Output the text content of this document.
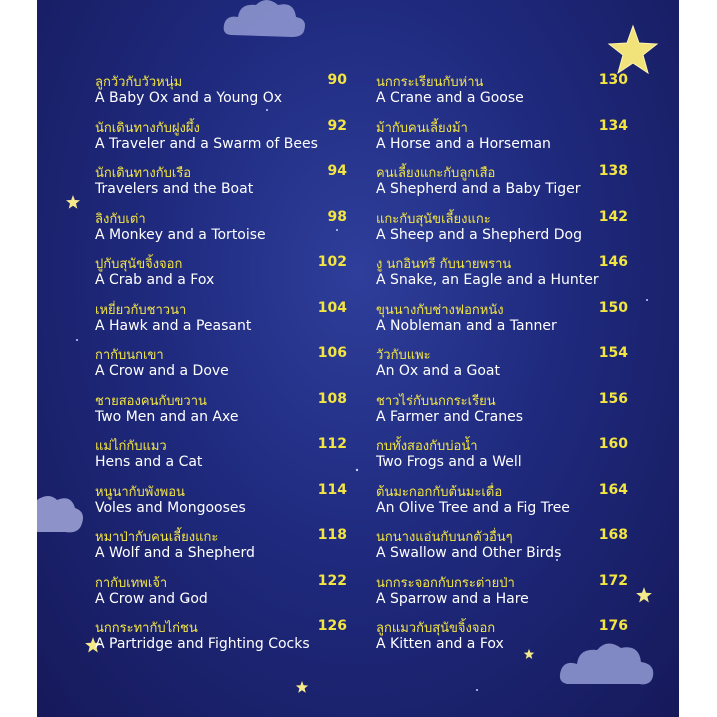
ลูกวัวกับวัวหนุ่ม	90
A Baby Ox and a Young Ox
นักเดินทางกับฝูงผึ้ง	92
A Traveler and a Swarm of Bees
นักเดินทางกับเรือ	94
Travelers and the Boat
ลิงกับเต่า	98
A Monkey and a Tortoise
ปูกับสุนัขจิ้งจอก	102
A Crab and a Fox
เหยี่ยวกับชาวนา	104
A Hawk and a Peasant
กากับนกเขา	106
A Crow and a Dove
ชายสองคนกับขวาน	108
Two Men and an Axe
แม่ไก่กับแมว	112
Hens and a Cat
หนูนากับพังพอน	114
Voles and Mongooses
หมาป่ากับคนเลี้ยงแกะ	118
A Wolf and a Shepherd
กากับเทพเจ้า	122
A Crow and God
นกกระทากับไก่ชน	126
A Partridge and Fighting Cocks
นกกระเรียนกับห่าน	130
A Crane and a Goose
ม้ากับคนเลี้ยงม้า	134
A Horse and a Horseman
คนเลี้ยงแกะกับลูกเสือ	138
A Shepherd and a Baby Tiger
แกะกับสุนัขเลี้ยงแกะ	142
A Sheep and a Shepherd Dog
งู นกอินทรี กับนายพราน	146
A Snake, an Eagle and a Hunter
ขุนนางกับช่างฟอกหนัง	150
A Nobleman and a Tanner
วัวกับแพะ	154
An Ox and a Goat
ชาวไร่กับนกกระเรียน	156
A Farmer and Cranes
กบทั้งสองกับบ่อน้ำ	160
Two Frogs and a Well
ต้นมะกอกกับต้นมะเดื่อ	164
An Olive Tree and a Fig Tree
นกนางแอ่นกับนกตัวอื่นๆ	168
A Swallow and Other Birds
นกกระจอกกับกระต่ายป่า	172
A Sparrow and a Hare
ลูกแมวกับสุนัขจิ้งจอก	176
A Kitten and a Fox
